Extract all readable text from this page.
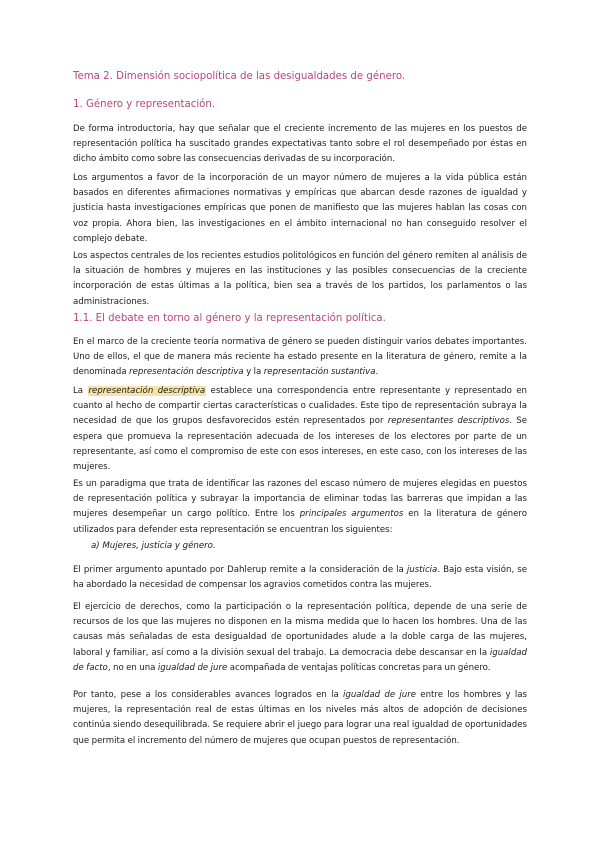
Tema 2. Dimensión sociopolítica de las desigualdades de género.
1. Género y representación.
De forma introductoria, hay que señalar que el creciente incremento de las mujeres en los puestos de representación política ha suscitado grandes expectativas tanto sobre el rol desempeñado por éstas en dicho ámbito como sobre las consecuencias derivadas de su incorporación.
Los argumentos a favor de la incorporación de un mayor número de mujeres a la vida pública están basados en diferentes afirmaciones normativas y empíricas que abarcan desde razones de igualdad y justicia hasta investigaciones empíricas que ponen de manifiesto que las mujeres hablan las cosas con voz propia. Ahora bien, las investigaciones en el ámbito internacional no han conseguido resolver el complejo debate.
Los aspectos centrales de los recientes estudios politológicos en función del género remiten al análisis de la situación de hombres y mujeres en las instituciones y las posibles consecuencias de la creciente incorporación de estas últimas a la política, bien sea a través de los partidos, los parlamentos o las administraciones.
1.1. El debate en torno al género y la representación política.
En el marco de la creciente teoría normativa de género se pueden distinguir varios debates importantes. Uno de ellos, el que de manera más reciente ha estado presente en la literatura de género, remite a la denominada representación descriptiva y la representación sustantiva.
La representación descriptiva establece una correspondencia entre representante y representado en cuanto al hecho de compartir ciertas características o cualidades. Este tipo de representación subraya la necesidad de que los grupos desfavorecidos estén representados por representantes descriptivos. Se espera que promueva la representación adecuada de los intereses de los electores por parte de un representante, así como el compromiso de este con esos intereses, en este caso, con los intereses de las mujeres.
Es un paradigma que trata de identificar las razones del escaso número de mujeres elegidas en puestos de representación política y subrayar la importancia de eliminar todas las barreras que impidan a las mujeres desempeñar un cargo político. Entre los principales argumentos en la literatura de género utilizados para defender esta representación se encuentran los siguientes:
a) Mujeres, justicia y género.
El primer argumento apuntado por Dahlerup remite a la consideración de la justicia. Bajo esta visión, se ha abordado la necesidad de compensar los agravios cometidos contra las mujeres.
El ejercicio de derechos, como la participación o la representación política, depende de una serie de recursos de los que las mujeres no disponen en la misma medida que lo hacen los hombres. Una de las causas más señaladas de esta desigualdad de oportunidades alude a la doble carga de las mujeres, laboral y familiar, así como a la división sexual del trabajo. La democracia debe descansar en la igualdad de facto, no en una igualdad de jure acompañada de ventajas políticas concretas para un género.
Por tanto, pese a los considerables avances logrados en la igualdad de jure entre los hombres y las mujeres, la representación real de estas últimas en los niveles más altos de adopción de decisiones continúa siendo desequilibrada. Se requiere abrir el juego para lograr una real igualdad de oportunidades que permita el incremento del número de mujeres que ocupan puestos de representación.
